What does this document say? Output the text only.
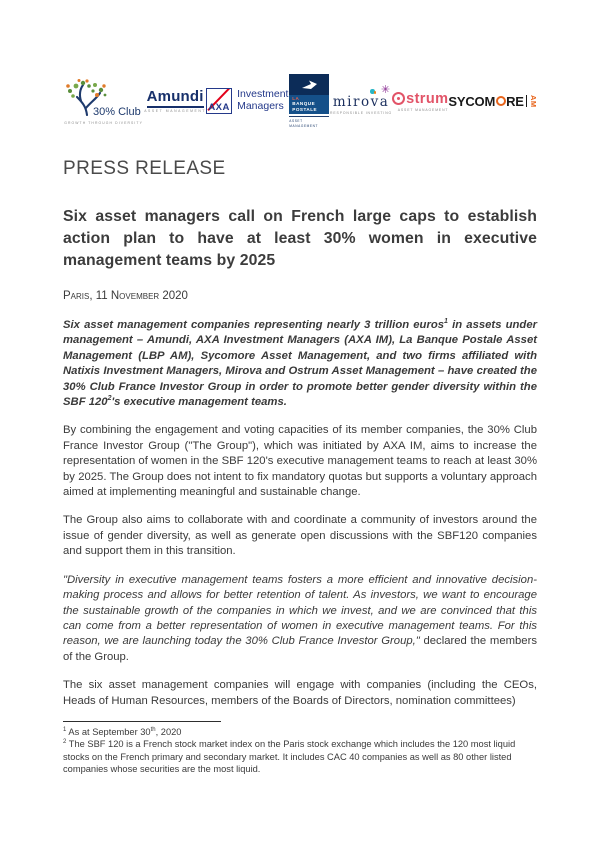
30% Club
GROWTH THROUGH DIVERSITY
Amundi
ASSET MANAGEMENT AXA
Investment
Managers
LA
BANQUE
POSTALE
ASSET
MANAGEMENT
✳
mirova
RESPONSIBLE INVESTING
strum
ASSET MANAGEMENT
SYCOM RE AM
PRESS RELEASE
Six asset managers call on French large caps to establish action plan to have at least 30% women in executive management teams by 2025

Paris, 11 November 2020

Six asset management companies representing nearly 3 trillion euros$^1$ in assets under management – Amundi, AXA Investment Managers (AXA IM), La Banque Postale Asset Management (LBP AM), Sycomore Asset Management, and two firms affiliated with Natixis Investment Managers, Mirova and Ostrum Asset Management – have created the 30% Club France Investor Group in order to promote better gender diversity within the SBF 120$^2$'s executive management teams.

By combining the engagement and voting capacities of its member companies, the 30% Club France Investor Group ("The Group"), which was initiated by AXA IM, aims to increase the representation of women in the SBF 120's executive management teams to reach at least 30% by 2025. The Group does not intent to fix mandatory quotas but supports a voluntary approach aimed at implementing meaningful and sustainable change.

The Group also aims to collaborate with and coordinate a community of investors around the issue of gender diversity, as well as generate open discussions with the SBF120 companies and support them in this transition.

"Diversity in executive management teams fosters a more efficient and innovative decision-making process and allows for better retention of talent. As investors, we want to encourage the sustainable growth of the companies in which we invest, and we are convinced that this can come from a better representation of women in executive management teams. For this reason, we are launching today the 30% Club France Investor Group," declared the members of the Group.

The six asset management companies will engage with companies (including the CEOs, Heads of Human Resources, members of the Boards of Directors, nomination committees)

$^1$ As at September 30th, 2020

$^2$ The SBF 120 is a French stock market index on the Paris stock exchange which includes the 120 most liquid stocks on the French primary and secondary market. It includes CAC 40 companies as well as 80 other listed companies whose securities are the most liquid.
